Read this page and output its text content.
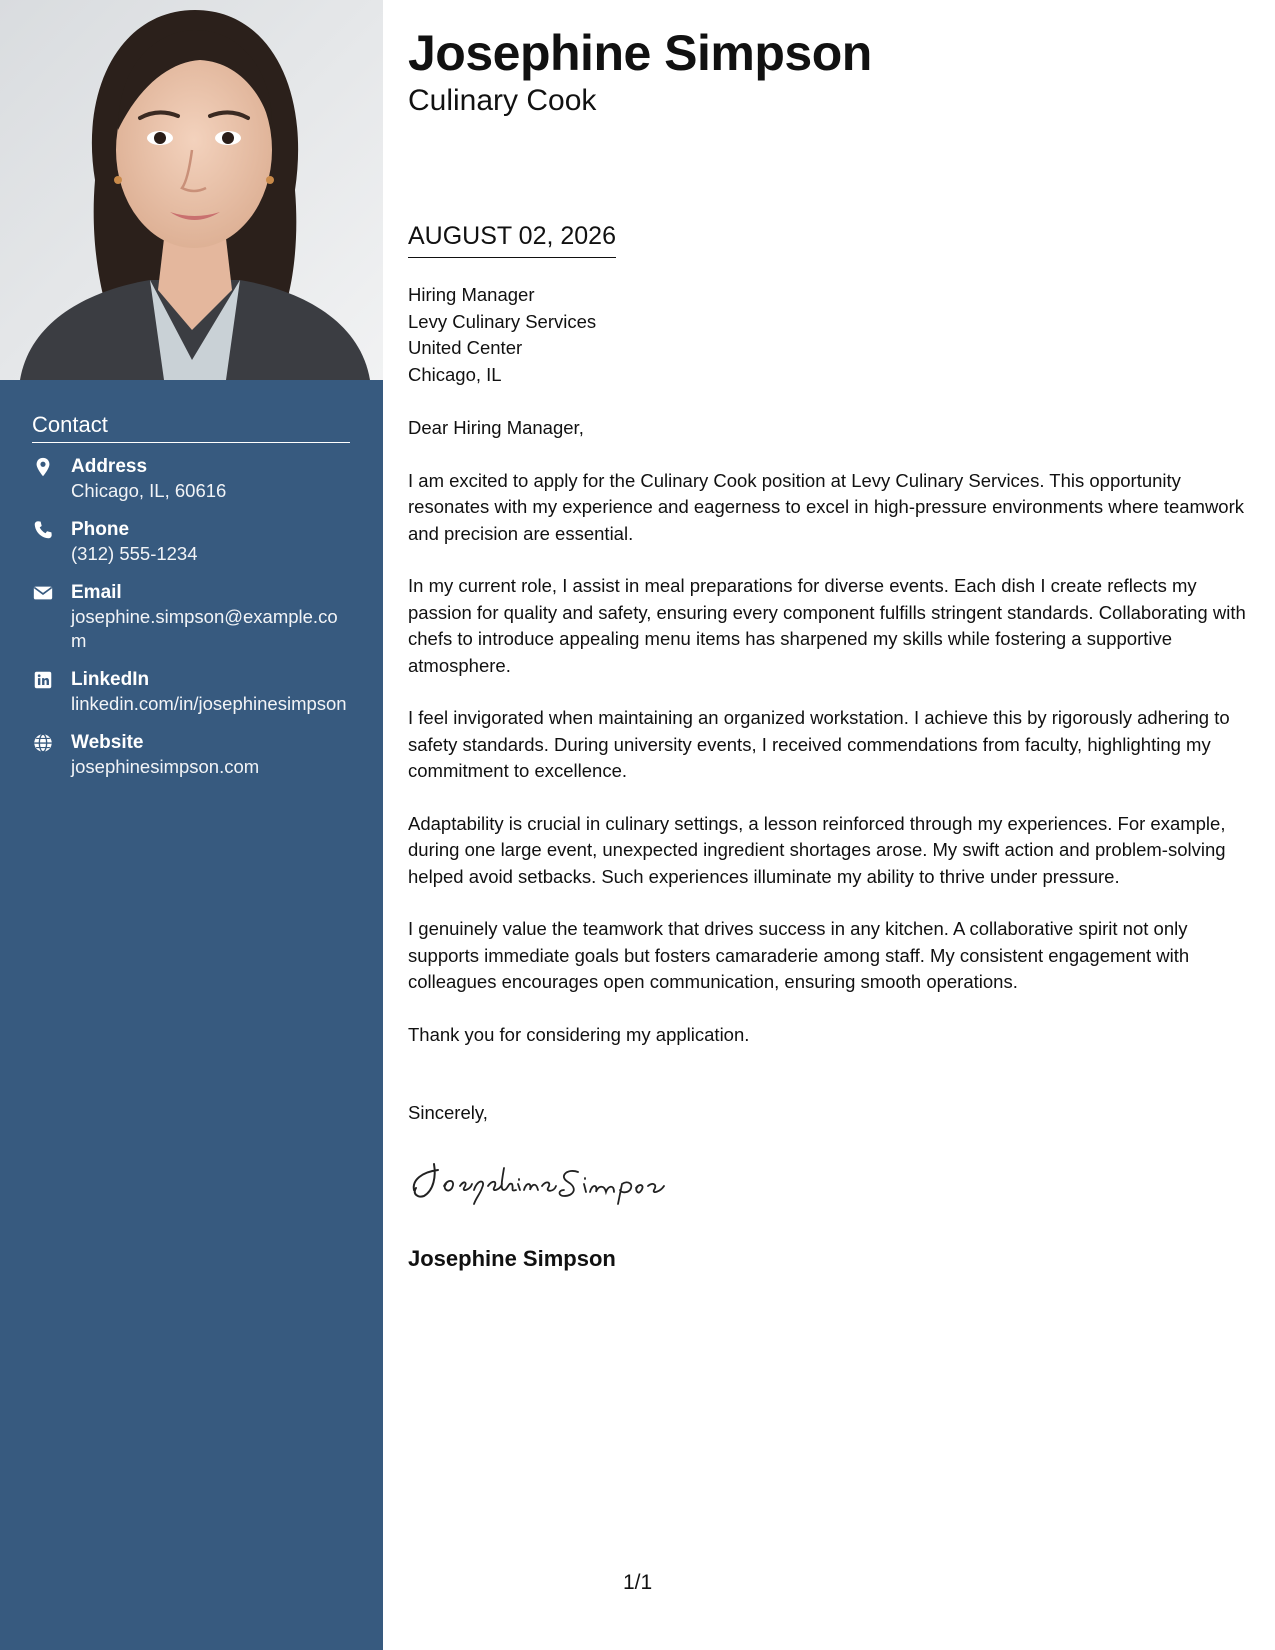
Contact
Address
Chicago, IL, 60616
Phone
(312) 555-1234
Email
josephine.simpson@example.com
LinkedIn
linkedin.com/in/josephinesimpson
Website
josephinesimpson.com
Josephine Simpson
Culinary Cook
AUGUST 02, 2026
Hiring Manager
Levy Culinary Services
United Center
Chicago, IL

Dear Hiring Manager,

I am excited to apply for the Culinary Cook position at Levy Culinary Services. This opportunity resonates with my experience and eagerness to excel in high-pressure environments where teamwork and precision are essential.

In my current role, I assist in meal preparations for diverse events. Each dish I create reflects my passion for quality and safety, ensuring every component fulfills stringent standards. Collaborating with chefs to introduce appealing menu items has sharpened my skills while fostering a supportive atmosphere.

I feel invigorated when maintaining an organized workstation. I achieve this by rigorously adhering to safety standards. During university events, I received commendations from faculty, highlighting my commitment to excellence.

Adaptability is crucial in culinary settings, a lesson reinforced through my experiences. For example, during one large event, unexpected ingredient shortages arose. My swift action and problem-solving helped avoid setbacks. Such experiences illuminate my ability to thrive under pressure.

I genuinely value the teamwork that drives success in any kitchen. A collaborative spirit not only supports immediate goals but fosters camaraderie among staff. My consistent engagement with colleagues encourages open communication, ensuring smooth operations.

Thank you for considering my application.

Sincerely,
Josephine Simpson
1/1
